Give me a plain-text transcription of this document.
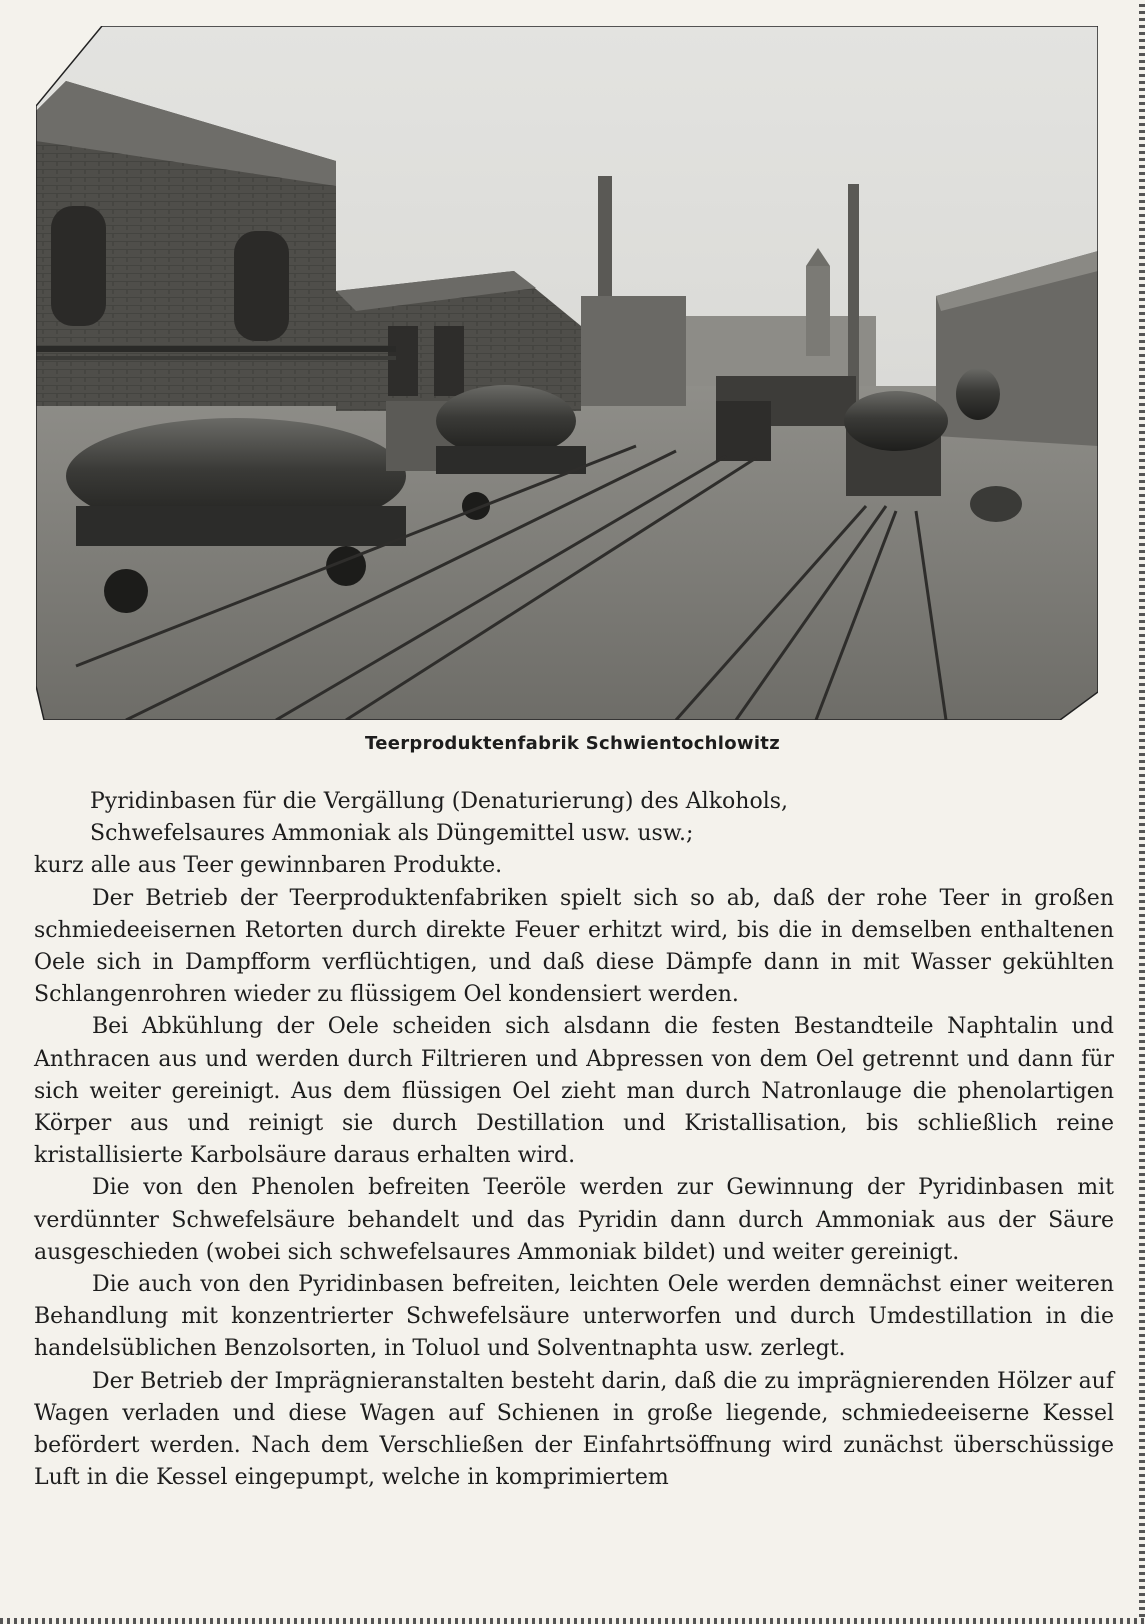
Teerproduktenfabrik Schwientochlowitz

Pyridinbasen für die Vergällung (Denaturierung) des Alkohols,

Schwefelsaures Ammoniak als Düngemittel usw. usw.;

kurz alle aus Teer gewinnbaren Produkte.

Der Betrieb der Teerproduktenfabriken spielt sich so ab, daß der rohe Teer in großen schmiedeeisernen Retorten durch direkte Feuer erhitzt wird, bis die in demselben enthaltenen Oele sich in Dampfform verflüchtigen, und daß diese Dämpfe dann in mit Wasser gekühlten Schlangenrohren wieder zu flüssigem Oel kondensiert werden.

Bei Abkühlung der Oele scheiden sich alsdann die festen Bestandteile Naphtalin und Anthracen aus und werden durch Filtrieren und Abpressen von dem Oel getrennt und dann für sich weiter gereinigt. Aus dem flüssigen Oel zieht man durch Natronlauge die phenolartigen Körper aus und reinigt sie durch Destillation und Kristallisation, bis schließlich reine kristallisierte Karbolsäure daraus erhalten wird.

Die von den Phenolen befreiten Teeröle werden zur Gewinnung der Pyridinbasen mit verdünnter Schwefelsäure behandelt und das Pyridin dann durch Ammoniak aus der Säure ausgeschieden (wobei sich schwefelsaures Ammoniak bildet) und weiter gereinigt.

Die auch von den Pyridinbasen befreiten, leichten Oele werden demnächst einer weiteren Behandlung mit konzentrierter Schwefelsäure unterworfen und durch Umdestillation in die handelsüblichen Benzolsorten, in Toluol und Solventnaphta usw. zerlegt.

Der Betrieb der Imprägnieranstalten besteht darin, daß die zu imprägnierenden Hölzer auf Wagen verladen und diese Wagen auf Schienen in große liegende, schmiedeeiserne Kessel befördert werden. Nach dem Verschließen der Einfahrtsöffnung wird zunächst überschüssige Luft in die Kessel eingepumpt, welche in komprimiertem
